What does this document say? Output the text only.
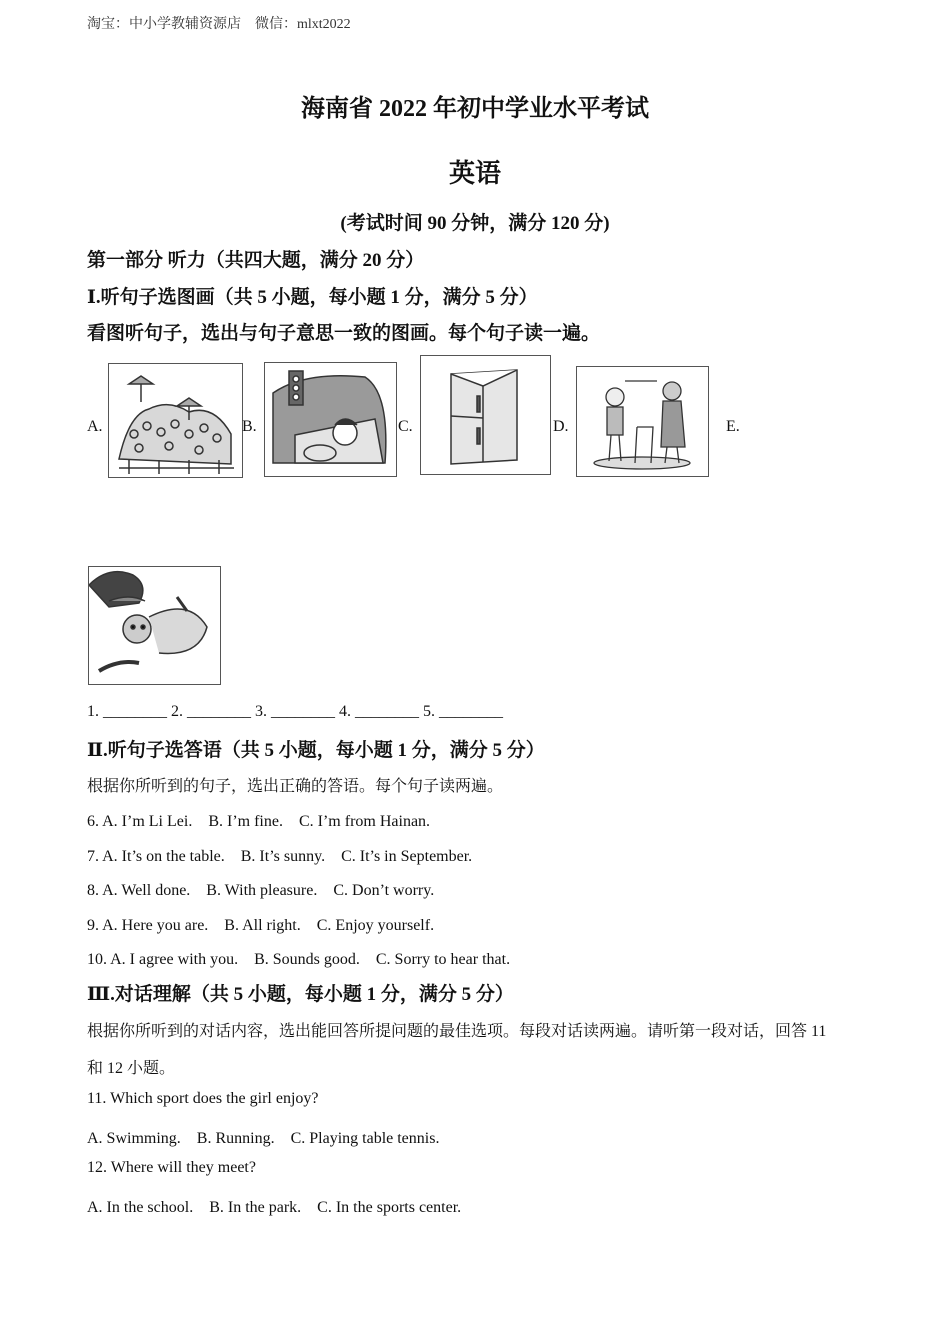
淘宝：中小学教辅资源店　微信：mlxt2022
海南省 2022 年初中学业水平考试
英语
(考试时间 90 分钟，满分 120 分)
第一部分 听力（共四大题，满分 20 分）
Ⅰ.听句子选图画（共 5 小题，每小题 1 分，满分 5 分）
看图听句子，选出与句子意思一致的图画。每个句子读一遍。
A.	B.	C.	D.	E.
1. ________ 2. ________ 3. ________ 4. ________ 5. ________
Ⅱ.听句子选答语（共 5 小题，每小题 1 分，满分 5 分）
根据你所听到的句子，选出正确的答语。每个句子读两遍。
6. A. I’m Li Lei.　B. I’m fine.　C. I’m from Hainan.
7. A. It’s on the table.　B. It’s sunny.　C. It’s in September.
8. A. Well done.　B. With pleasure.　C. Don’t worry.
9. A. Here you are.　B. All right.　C. Enjoy yourself.
10. A. I agree with you.　B. Sounds good.　C. Sorry to hear that.
Ⅲ.对话理解（共 5 小题，每小题 1 分，满分 5 分）
根据你所听到的对话内容，选出能回答所提问题的最佳选项。每段对话读两遍。请听第一段对话，回答 11
和 12 小题。
11. Which sport does the girl enjoy?
A. Swimming.　B. Running.　C. Playing table tennis.
12. Where will they meet?
A. In the school.　B. In the park.　C. In the sports center.
